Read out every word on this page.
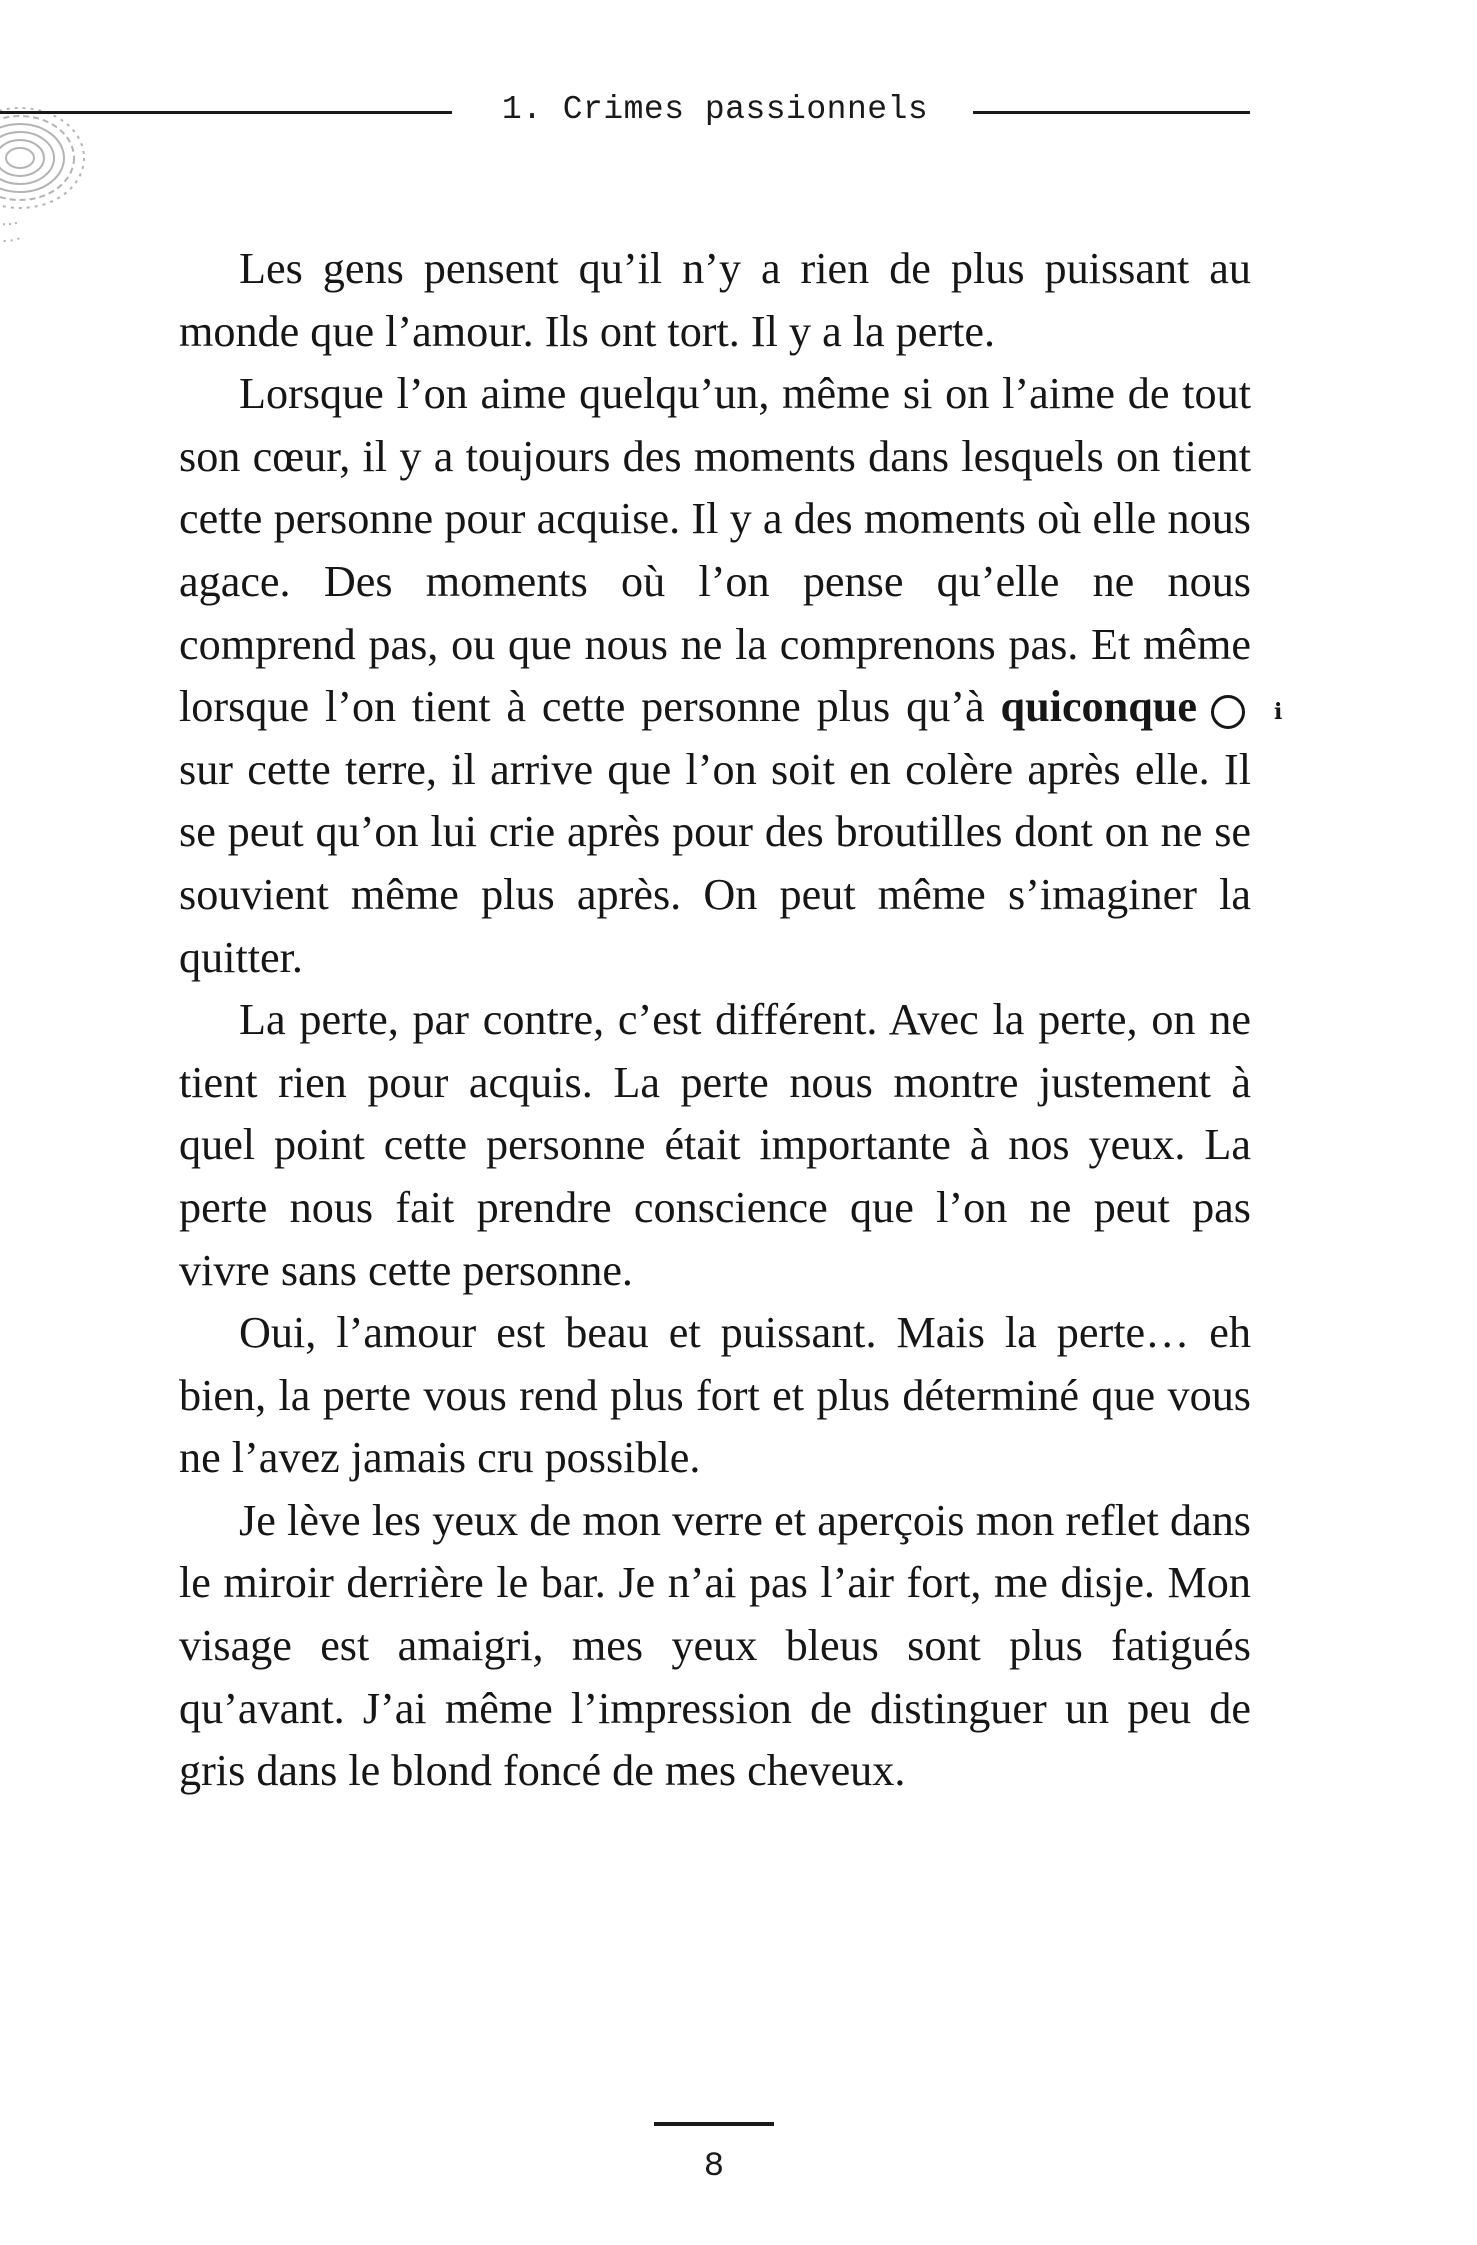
1. Crimes passionnels

Les gens pensent qu’il n’y a rien de plus puissant au monde que l’amour. Ils ont tort. Il y a la perte.

Lorsque l’on aime quelqu’un, même si on l’aime de tout son cœur, il y a toujours des moments dans lesquels on tient cette personne pour acquise. Il y a des moments où elle nous agace. Des moments où l’on pense qu’elle ne nous comprend pas, ou que nous ne la comprenons pas. Et même lorsque l’on tient à cette personne plus qu’à quiconque	i sur cette terre, il arrive que l’on soit en colère après elle. Il se peut qu’on lui crie après pour des broutilles dont on ne se souvient même plus après. On peut même s’imaginer la quitter.

La perte, par contre, c’est différent. Avec la perte, on ne tient rien pour acquis. La perte nous montre justement à quel point cette personne était importante à nos yeux. La perte nous fait prendre conscience que l’on ne peut pas vivre sans cette personne.

Oui, l’amour est beau et puissant. Mais la perte… eh bien, la perte vous rend plus fort et plus déterminé que vous ne l’avez jamais cru possible.

Je lève les yeux de mon verre et aperçois mon reflet dans le miroir derrière le bar. Je n’ai pas l’air fort, me disje. Mon visage est amaigri, mes yeux bleus sont plus fatigués qu’avant. J’ai même l’impression de distinguer un peu de gris dans le blond foncé de mes cheveux.

8
